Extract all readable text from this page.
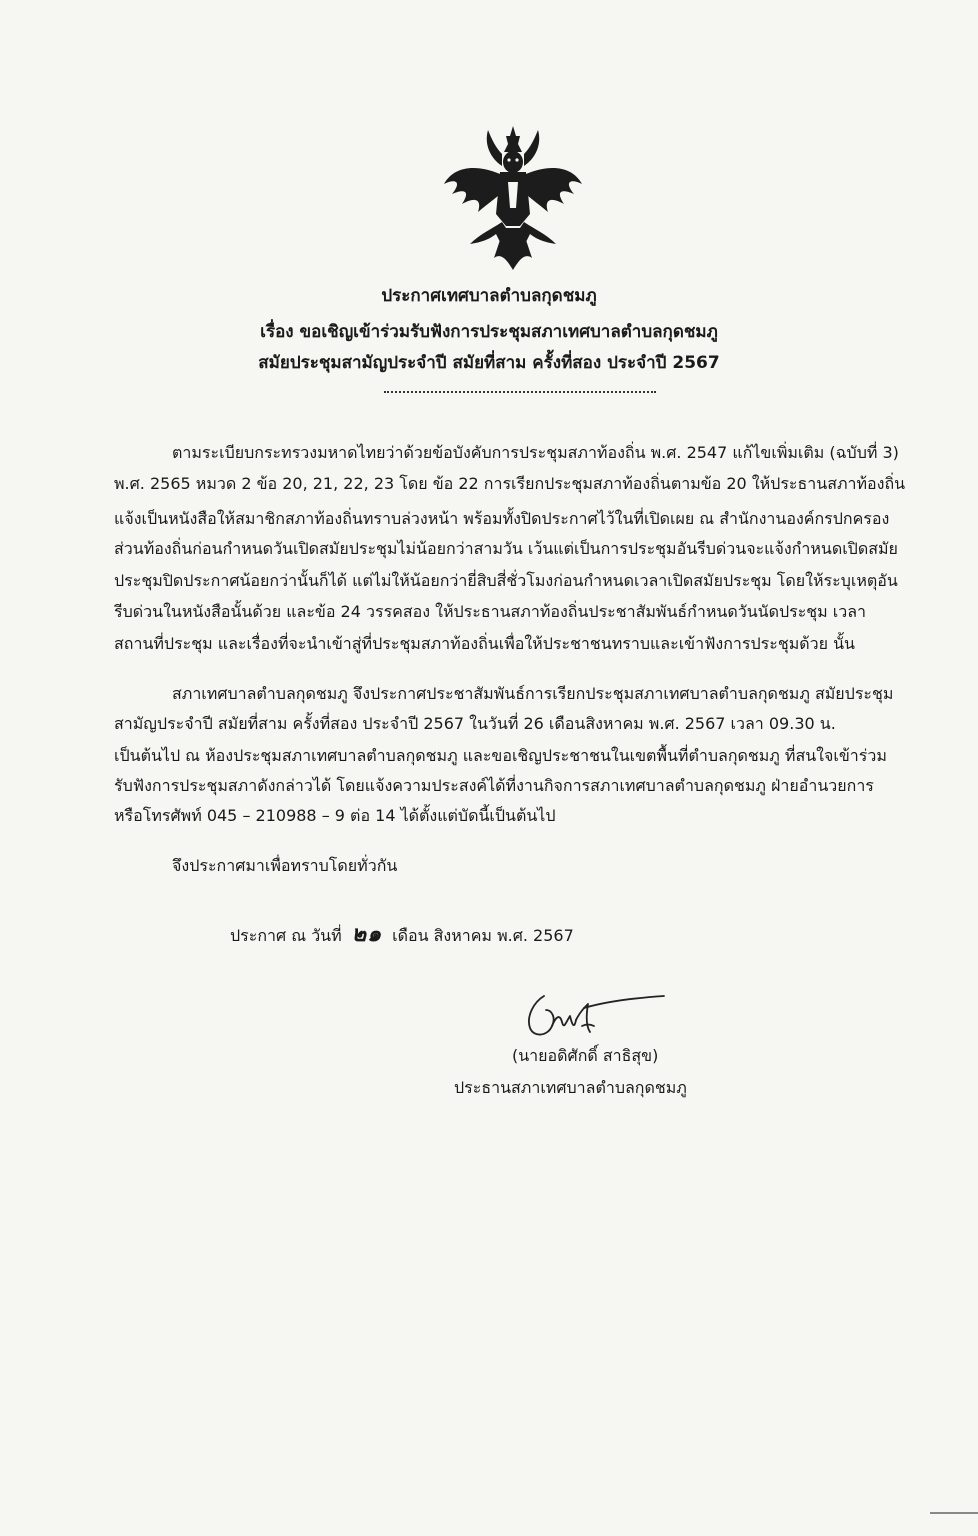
ประกาศเทศบาลตำบลกุดชมภู
เรื่อง ขอเชิญเข้าร่วมรับฟังการประชุมสภาเทศบาลตำบลกุดชมภู
สมัยประชุมสามัญประจำปี สมัยที่สาม ครั้งที่สอง ประจำปี 2567
ตามระเบียบกระทรวงมหาดไทยว่าด้วยข้อบังคับการประชุมสภาท้องถิ่น พ.ศ. 2547 แก้ไขเพิ่มเติม (ฉบับที่ 3)
พ.ศ. 2565 หมวด 2 ข้อ 20, 21, 22, 23 โดย ข้อ 22 การเรียกประชุมสภาท้องถิ่นตามข้อ 20 ให้ประธานสภาท้องถิ่น
แจ้งเป็นหนังสือให้สมาชิกสภาท้องถิ่นทราบล่วงหน้า พร้อมทั้งปิดประกาศไว้ในที่เปิดเผย ณ สำนักงานองค์กรปกครอง
ส่วนท้องถิ่นก่อนกำหนดวันเปิดสมัยประชุมไม่น้อยกว่าสามวัน เว้นแต่เป็นการประชุมอันรีบด่วนจะแจ้งกำหนดเปิดสมัย
ประชุมปิดประกาศน้อยกว่านั้นก็ได้ แต่ไม่ให้น้อยกว่ายี่สิบสี่ชั่วโมงก่อนกำหนดเวลาเปิดสมัยประชุม โดยให้ระบุเหตุอัน
รีบด่วนในหนังสือนั้นด้วย และข้อ 24 วรรคสอง ให้ประธานสภาท้องถิ่นประชาสัมพันธ์กำหนดวันนัดประชุม เวลา
สถานที่ประชุม และเรื่องที่จะนำเข้าสู่ที่ประชุมสภาท้องถิ่นเพื่อให้ประชาชนทราบและเข้าฟังการประชุมด้วย นั้น
สภาเทศบาลตำบลกุดชมภู จึงประกาศประชาสัมพันธ์การเรียกประชุมสภาเทศบาลตำบลกุดชมภู สมัยประชุม
สามัญประจำปี สมัยที่สาม ครั้งที่สอง ประจำปี 2567 ในวันที่ 26 เดือนสิงหาคม พ.ศ. 2567 เวลา 09.30 น.
เป็นต้นไป ณ ห้องประชุมสภาเทศบาลตำบลกุดชมภู และขอเชิญประชาชนในเขตพื้นที่ตำบลกุดชมภู ที่สนใจเข้าร่วม
รับฟังการประชุมสภาดังกล่าวได้ โดยแจ้งความประสงค์ได้ที่งานกิจการสภาเทศบาลตำบลกุดชมภู ฝ่ายอำนวยการ
หรือโทรศัพท์ 045 – 210988 – 9 ต่อ 14 ได้ตั้งแต่บัดนี้เป็นต้นไป
จึงประกาศมาเพื่อทราบโดยทั่วกัน
ประกาศ ณ วันที่ ๒๑ เดือน สิงหาคม พ.ศ. 2567
(นายอดิศักดิ์ สาธิสุข)
ประธานสภาเทศบาลตำบลกุดชมภู
